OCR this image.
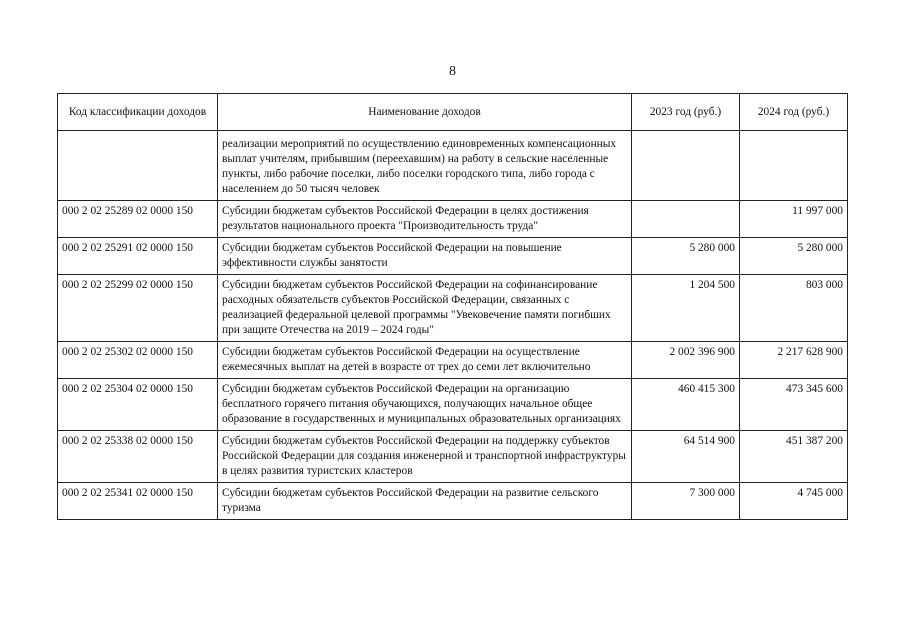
8
Код классификации доходов	Наименование доходов	2023 год (руб.)	2024 год (руб.)
	реализации мероприятий по осуществлению единовременных компенсационных выплат учителям, прибывшим (переехавшим) на работу в сельские населенные пункты, либо рабочие поселки, либо поселки городского типа, либо города с населением до 50 тысяч человек		
000 2 02 25289 02 0000 150	Субсидии бюджетам субъектов Российской Федерации в целях достижения результатов национального проекта "Производительность труда"		11 997 000
000 2 02 25291 02 0000 150	Субсидии бюджетам субъектов Российской Федерации на повышение эффективности службы занятости	5 280 000	5 280 000
000 2 02 25299 02 0000 150	Субсидии бюджетам субъектов Российской Федерации на софинансирование расходных обязательств субъектов Российской Федерации, связанных с реализацией федеральной целевой программы "Увековечение памяти погибших при защите Отечества на 2019 – 2024 годы"	1 204 500	803 000
000 2 02 25302 02 0000 150	Субсидии бюджетам субъектов Российской Федерации на осуществление ежемесячных выплат на детей в возрасте от трех до семи лет включительно	2 002 396 900	2 217 628 900
000 2 02 25304 02 0000 150	Субсидии бюджетам субъектов Российской Федерации на организацию бесплатного горячего питания обучающихся, получающих начальное общее образование в государственных и муниципальных образовательных организациях	460 415 300	473 345 600
000 2 02 25338 02 0000 150	Субсидии бюджетам субъектов Российской Федерации на поддержку субъектов Российской Федерации для создания инженерной и транспортной инфраструктуры в целях развития туристских кластеров	64 514 900	451 387 200
000 2 02 25341 02 0000 150	Субсидии бюджетам субъектов Российской Федерации на развитие сельского туризма	7 300 000	4 745 000
